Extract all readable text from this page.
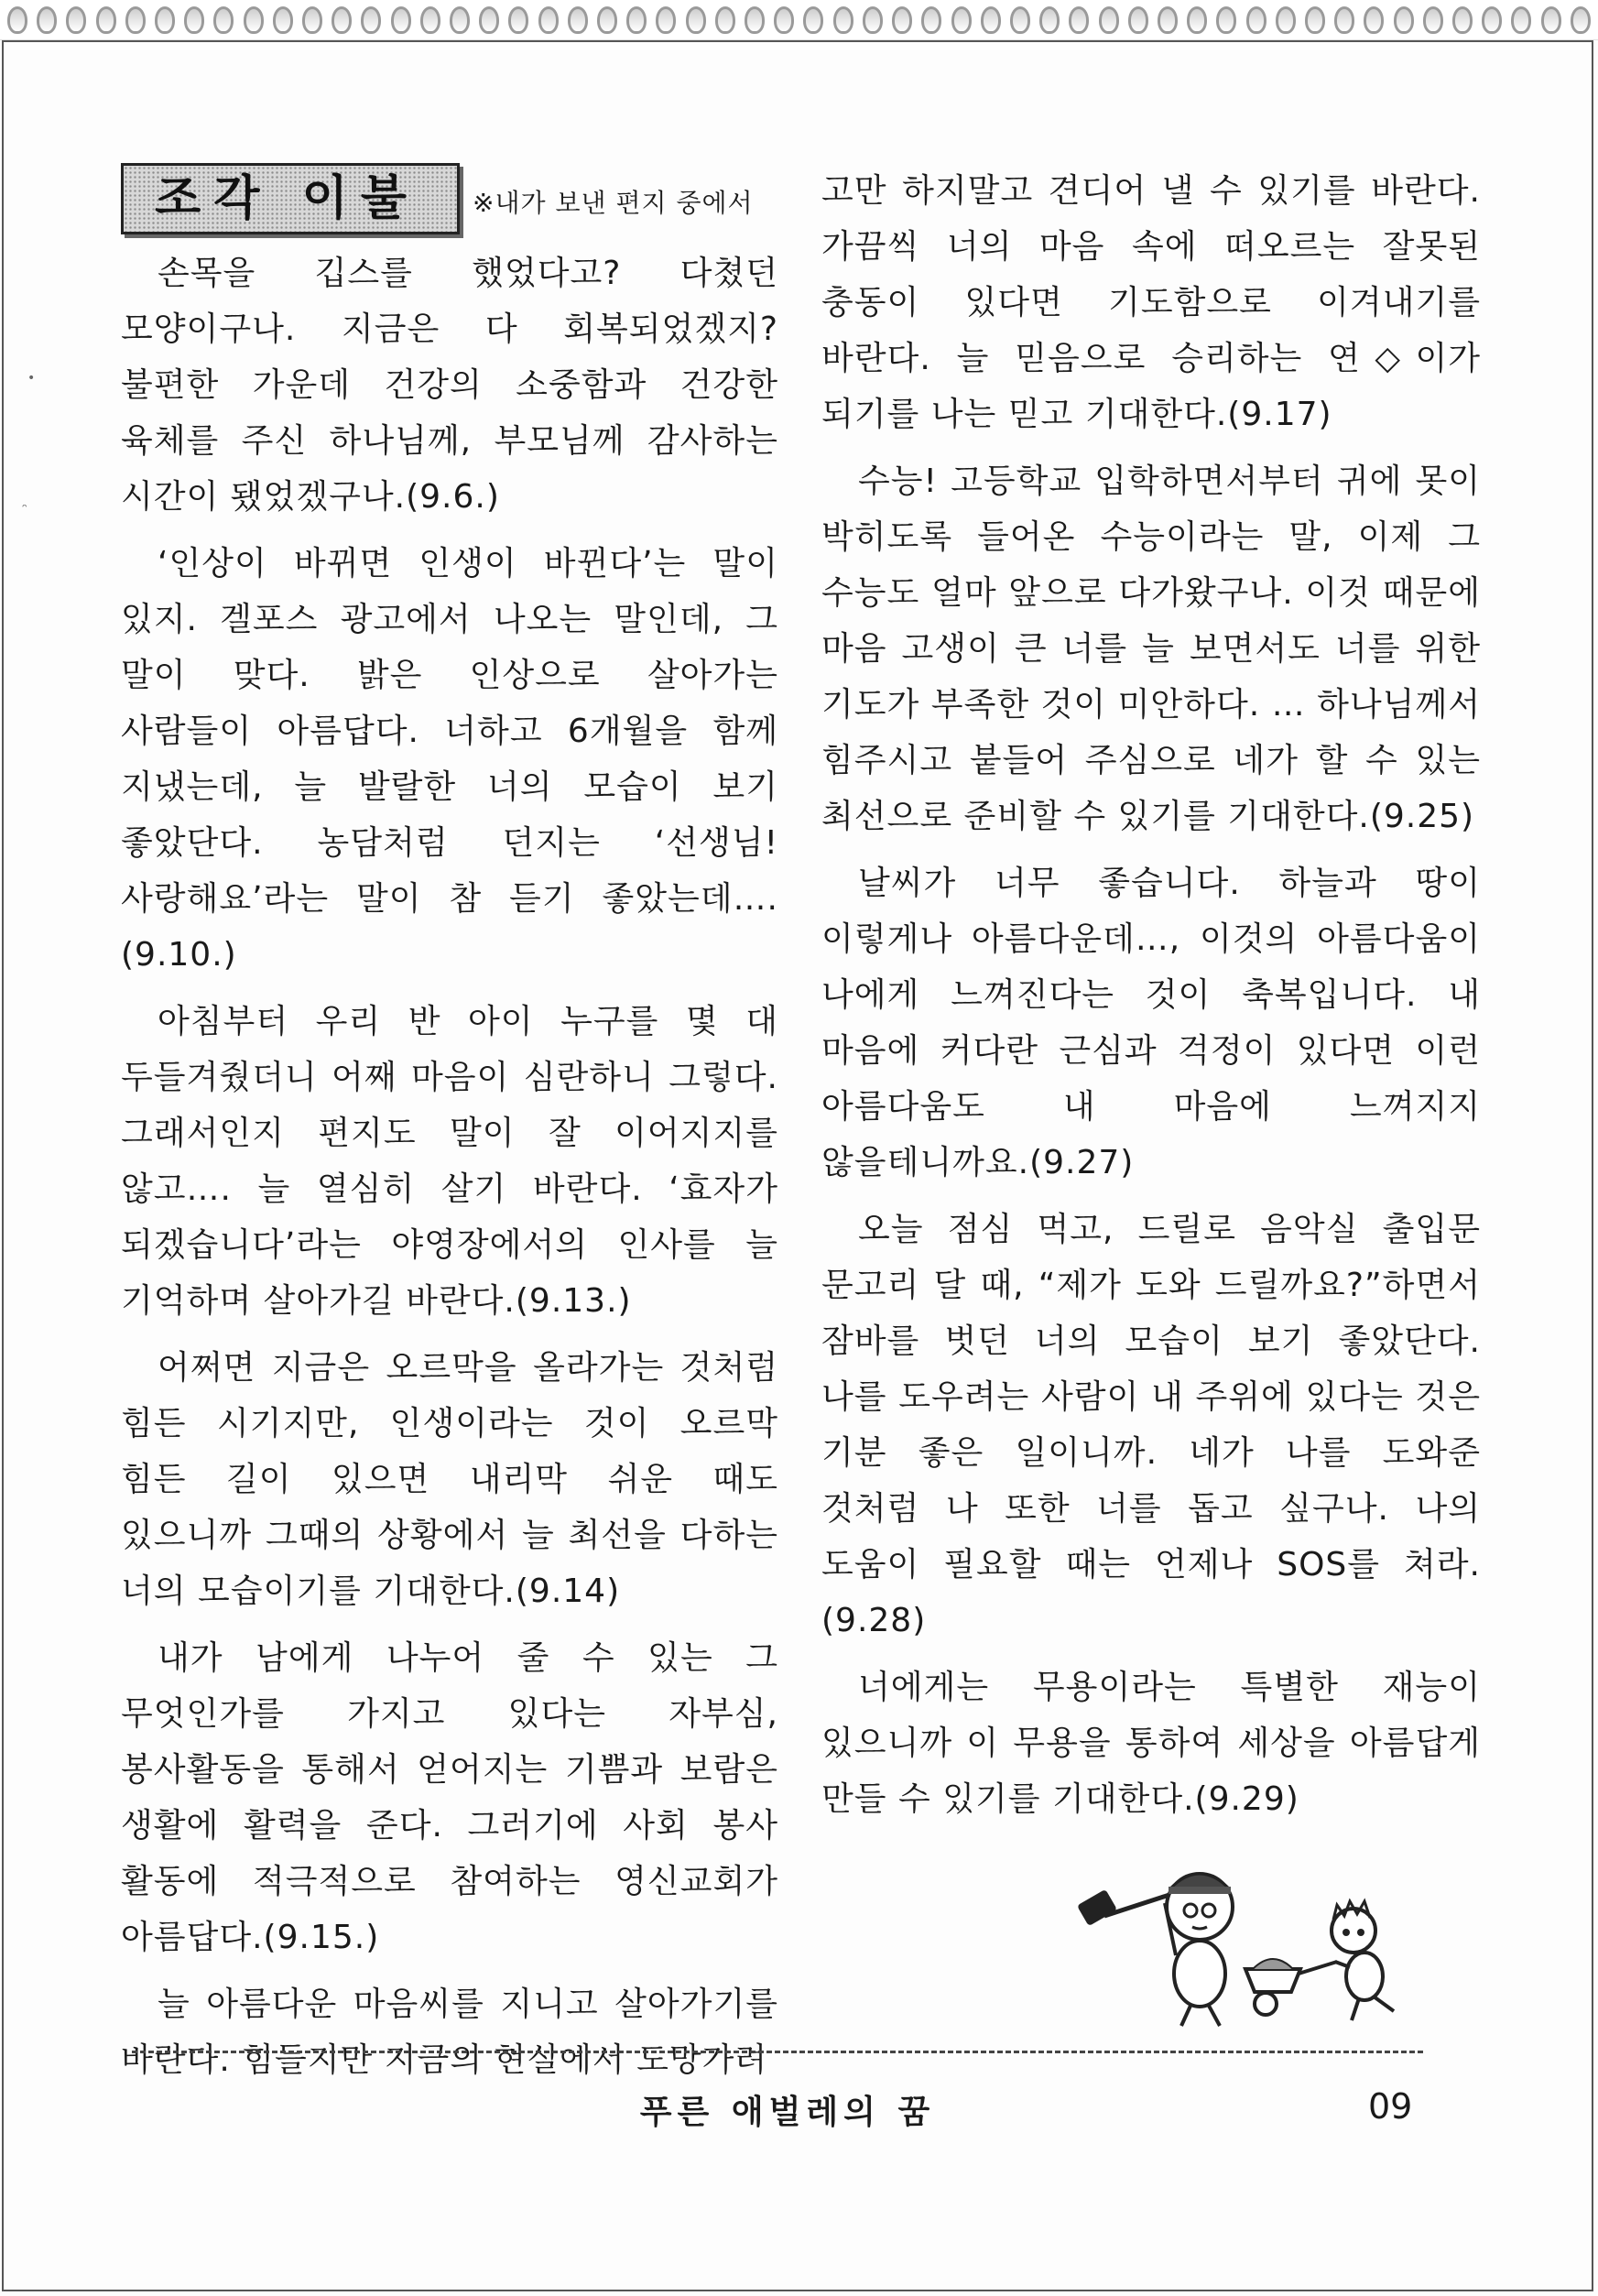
•
ᵔ
조각 이불 ※내가 보낸 편지 중에서

손목을 깁스를 했었다고? 다쳤던 모양이구나. 지금은 다 회복되었겠지? 불편한 가운데 건강의 소중함과 건강한 육체를 주신 하나님께, 부모님께 감사하는 시간이 됐었겠구나.(9.6.)

‘인상이 바뀌면 인생이 바뀐다’는 말이 있지. 겔포스 광고에서 나오는 말인데, 그 말이 맞다. 밝은 인상으로 살아가는 사람들이 아름답다. 너하고 6개월을 함께 지냈는데, 늘 발랄한 너의 모습이 보기 좋았단다. 농담처럼 던지는 ‘선생님! 사랑해요’라는 말이 참 듣기 좋았는데….(9.10.)

아침부터 우리 반 아이 누구를 몇 대 두들겨줬더니 어째 마음이 심란하니 그렇다. 그래서인지 편지도 말이 잘 이어지지를 않고…. 늘 열심히 살기 바란다. ‘효자가 되겠습니다’라는 야영장에서의 인사를 늘 기억하며 살아가길 바란다.(9.13.)

어쩌면 지금은 오르막을 올라가는 것처럼 힘든 시기지만, 인생이라는 것이 오르막 힘든 길이 있으면 내리막 쉬운 때도 있으니까 그때의 상황에서 늘 최선을 다하는 너의 모습이기를 기대한다.(9.14)

내가 남에게 나누어 줄 수 있는 그 무엇인가를 가지고 있다는 자부심, 봉사활동을 통해서 얻어지는 기쁨과 보람은 생활에 활력을 준다. 그러기에 사회 봉사 활동에 적극적으로 참여하는 영신교회가 아름답다.(9.15.)

늘 아름다운 마음씨를 지니고 살아가기를 바란다. 힘들지만 지금의 현실에서 도망가려

고만 하지말고 견디어 낼 수 있기를 바란다. 가끔씩 너의 마음 속에 떠오르는 잘못된 충동이 있다면 기도함으로 이겨내기를 바란다. 늘 믿음으로 승리하는 연◇이가 되기를 나는 믿고 기대한다.(9.17)

수능! 고등학교 입학하면서부터 귀에 못이 박히도록 들어온 수능이라는 말, 이제 그 수능도 얼마 앞으로 다가왔구나. 이것 때문에 마음 고생이 큰 너를 늘 보면서도 너를 위한 기도가 부족한 것이 미안하다. … 하나님께서 힘주시고 붙들어 주심으로 네가 할 수 있는 최선으로 준비할 수 있기를 기대한다.(9.25)

날씨가 너무 좋습니다. 하늘과 땅이 이렇게나 아름다운데…, 이것의 아름다움이 나에게 느껴진다는 것이 축복입니다. 내 마음에 커다란 근심과 걱정이 있다면 이런 아름다움도 내 마음에 느껴지지 않을테니까요.(9.27)

오늘 점심 먹고, 드릴로 음악실 출입문 문고리 달 때, “제가 도와 드릴까요?”하면서 잠바를 벗던 너의 모습이 보기 좋았단다. 나를 도우려는 사람이 내 주위에 있다는 것은 기분 좋은 일이니까. 네가 나를 도와준 것처럼 나 또한 너를 돕고 싶구나. 나의 도움이 필요할 때는 언제나 SOS를 쳐라.(9.28)

너에게는 무용이라는 특별한 재능이 있으니까 이 무용을 통하여 세상을 아름답게 만들 수 있기를 기대한다.(9.29)

푸른 애벌레의 꿈	09
